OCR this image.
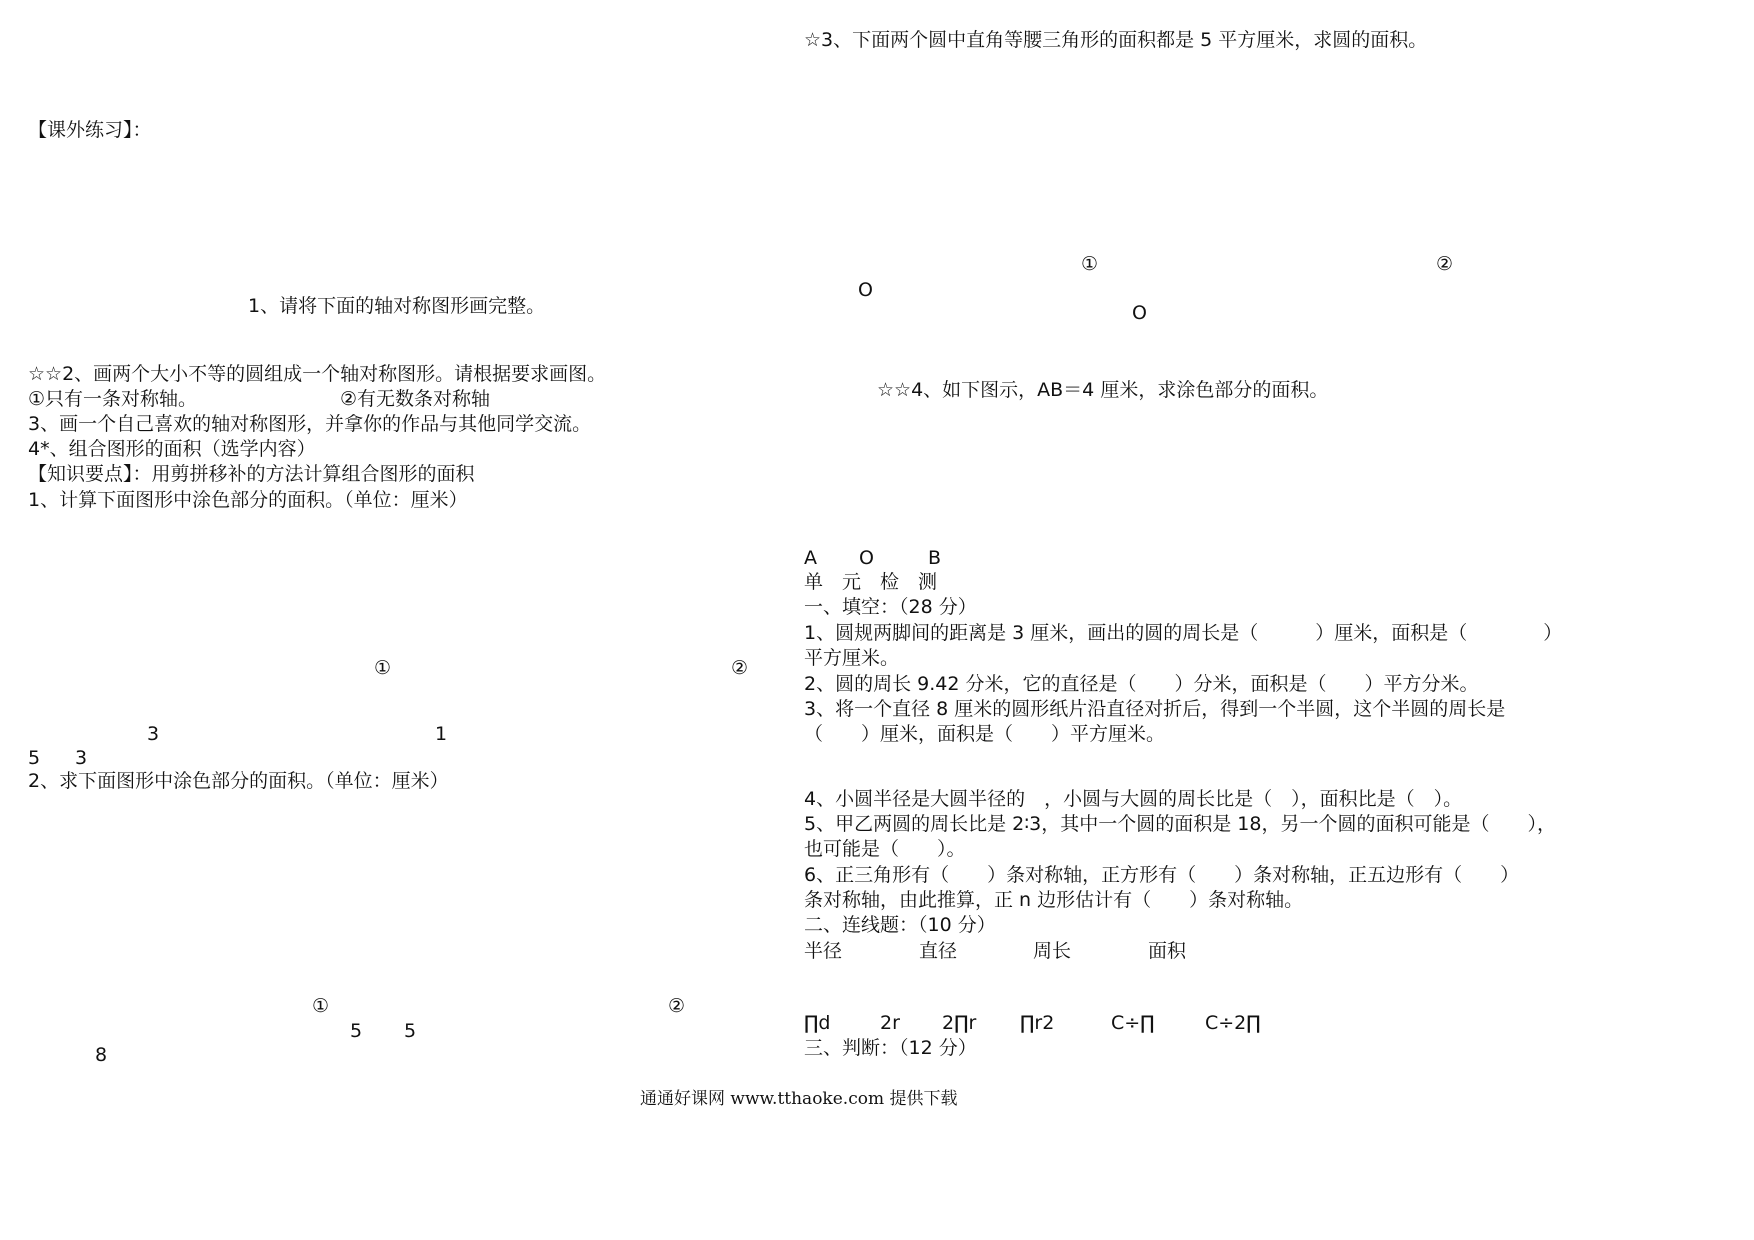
【课外练习】：
1、请将下面的轴对称图形画完整。
☆☆2、画两个大小不等的圆组成一个轴对称图形。请根据要求画图。
①只有一条对称轴。	②有无数条对称轴
3、画一个自己喜欢的轴对称图形，并拿你的作品与其他同学交流。
4*、组合图形的面积（选学内容）
【知识要点】：用剪拼移补的方法计算组合图形的面积
1、计算下面图形中涂色部分的面积。（单位：厘米）
①	②
3	1
5 3
2、求下面图形中涂色部分的面积。（单位：厘米）
①	②
5 5
8
☆3、下面两个圆中直角等腰三角形的面积都是 5 平方厘米，求圆的面积。
①	②
O
O
☆☆4、如下图示，AB＝4 厘米，求涂色部分的面积。
A O	B
单　元　检　测
一、填空：（28 分）
1、圆规两脚间的距离是 3 厘米，画出的圆的周长是（　　　）厘米，面积是（　　　　）
平方厘米。
2、圆的周长 9.42 分米，它的直径是（　　）分米，面积是（　　）平方分米。
3、将一个直径 8 厘米的圆形纸片沿直径对折后，得到一个半圆，这个半圆的周长是
（　　）厘米，面积是（　　）平方厘米。
4、小圆半径是大圆半径的　，小圆与大圆的周长比是（　），面积比是（　）。
5、甲乙两圆的周长比是 2∶3，其中一个圆的面积是 18，另一个圆的面积可能是（　　），
也可能是（　　）。
6、正三角形有（　　）条对称轴，正方形有（　　）条对称轴，正五边形有（　　）
条对称轴，由此推算，正 n 边形估计有（　　）条对称轴。
二、连线题：（10 分）
半径	直径	周长	面积
∏d	2r 2∏r ∏r2	C÷∏	C÷2∏
三、判断：（12 分）
通通好课网 www.tthaoke.com 提供下载
